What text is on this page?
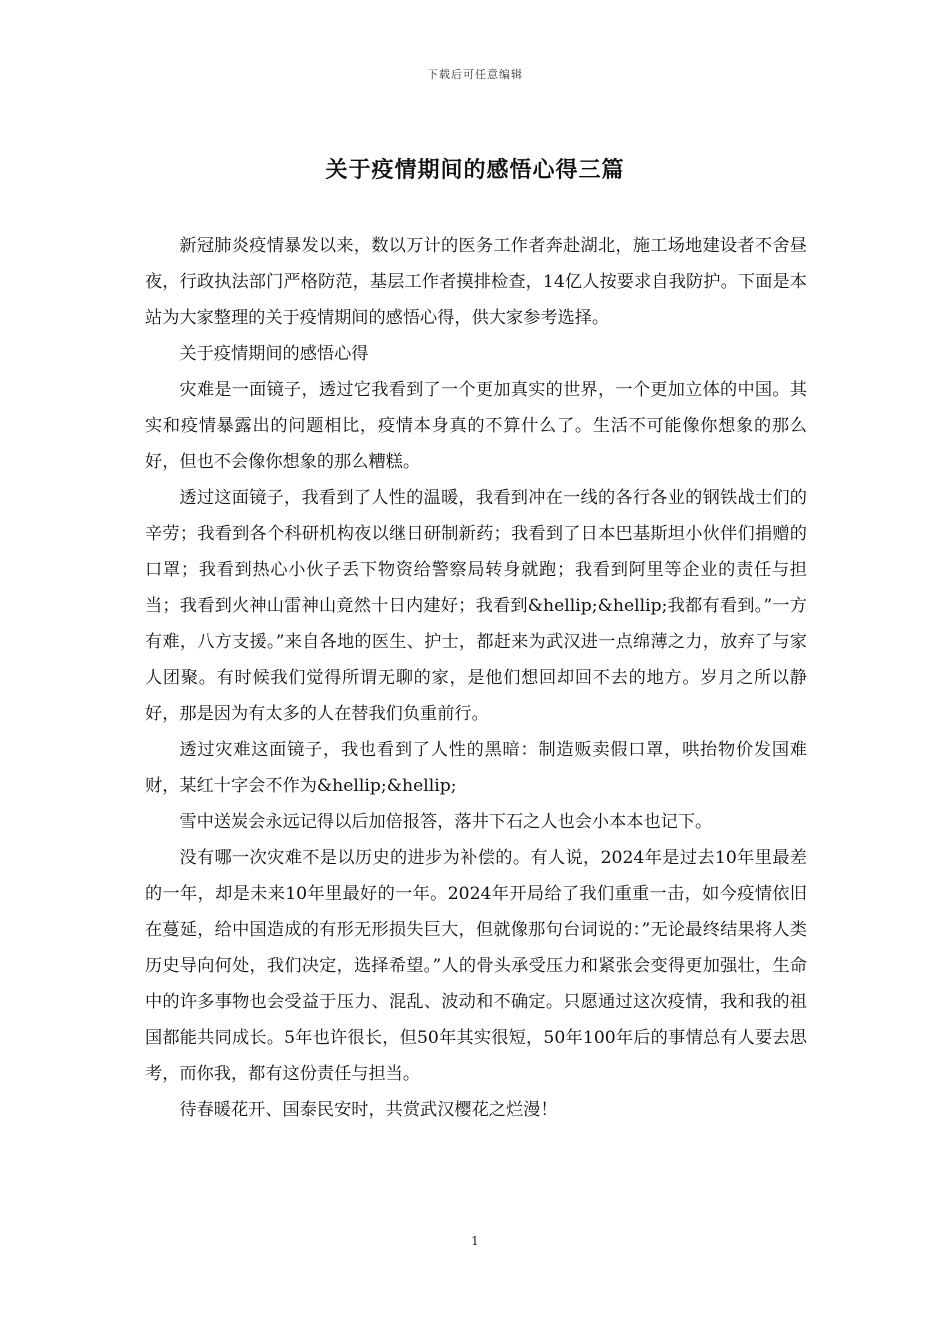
下载后可任意编辑
关于疫情期间的感悟心得三篇

新冠肺炎疫情暴发以来，数以万计的医务工作者奔赴湖北，施工场地建设者不舍昼夜，行政执法部门严格防范，基层工作者摸排检查，14亿人按要求自我防护。下面是本站为大家整理的关于疫情期间的感悟心得，供大家参考选择。

关于疫情期间的感悟心得

灾难是一面镜子，透过它我看到了一个更加真实的世界，一个更加立体的中国。其实和疫情暴露出的问题相比，疫情本身真的不算什么了。生活不可能像你想象的那么好，但也不会像你想象的那么糟糕。

透过这面镜子，我看到了人性的温暖，我看到冲在一线的各行各业的钢铁战士们的辛劳；我看到各个科研机构夜以继日研制新药；我看到了日本巴基斯坦小伙伴们捐赠的口罩；我看到热心小伙子丢下物资给警察局转身就跑；我看到阿里等企业的责任与担当；我看到火神山雷神山竟然十日内建好；我看到&hellip;&hellip;我都有看到。”一方有难，八方支援。”来自各地的医生、护士，都赶来为武汉进一点绵薄之力，放弃了与家人团聚。有时候我们觉得所谓无聊的家，是他们想回却回不去的地方。岁月之所以静好，那是因为有太多的人在替我们负重前行。

透过灾难这面镜子，我也看到了人性的黑暗：制造贩卖假口罩，哄抬物价发国难财，某红十字会不作为&hellip;&hellip;

雪中送炭会永远记得以后加倍报答，落井下石之人也会小本本也记下。

没有哪一次灾难不是以历史的进步为补偿的。有人说，2024年是过去10年里最差的一年，却是未来10年里最好的一年。2024年开局给了我们重重一击，如今疫情依旧在蔓延，给中国造成的有形无形损失巨大，但就像那句台词说的：”无论最终结果将人类历史导向何处，我们决定，选择希望。”人的骨头承受压力和紧张会变得更加强壮，生命中的许多事物也会受益于压力、混乱、波动和不确定。只愿通过这次疫情，我和我的祖国都能共同成长。5年也许很长，但50年其实很短，50年100年后的事情总有人要去思考，而你我，都有这份责任与担当。

待春暖花开、国泰民安时，共赏武汉樱花之烂漫！

1
